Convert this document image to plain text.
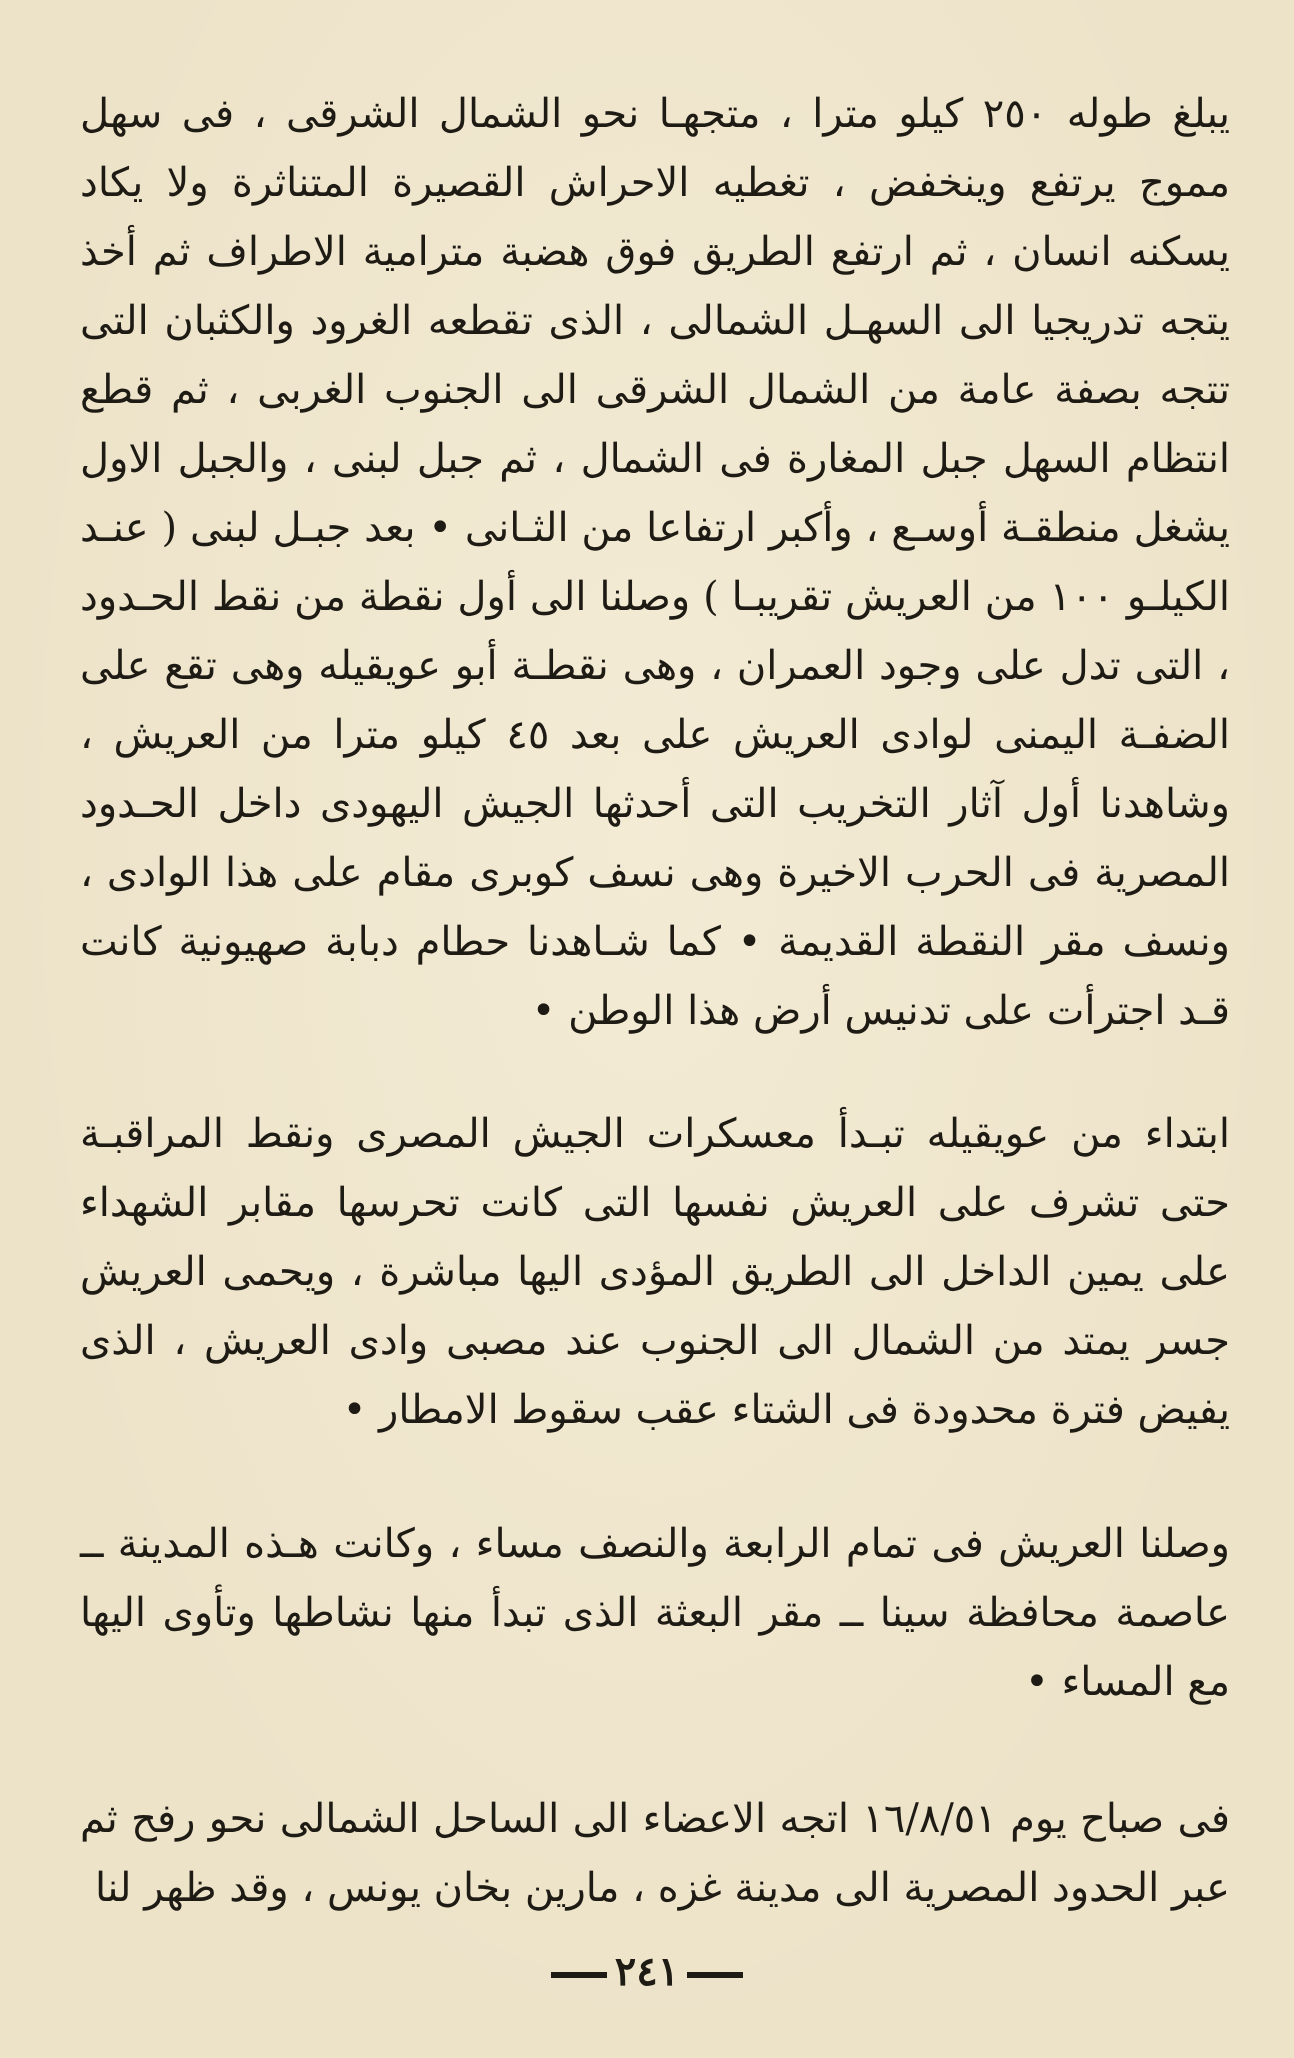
يبلغ طوله ٢٥٠ كيلو مترا ، متجهـا نحو الشمال الشرقى ، فى سهل مموج يرتفع وينخفض ، تغطيه الاحراش القصيرة المتناثرة ولا يكاد يسكنه انسان ، ثم ارتفع الطريق فوق هضبة مترامية الاطراف ثم أخذ يتجه تدريجيا الى السهـل الشمالى ، الذى تقطعه الغرود والكثبان التى تتجه بصفة عامة من الشمال الشرقى الى الجنوب الغربى ، ثم قطع انتظام السهل جبل المغارة فى الشمال ، ثم جبل لبنى ، والجبل الاول يشغل منطقـة أوسـع ، وأكبر ارتفاعا من الثـانى • بعد جبـل لبنى ( عنـد الكيلـو ١٠٠ من العريش تقريبـا ) وصلنا الى أول نقطة من نقط الحـدود ، التى تدل على وجود العمران ، وهى نقطـة أبو عويقيله وهى تقع على الضفـة اليمنى لوادى العريش على بعد ٤٥ كيلو مترا من العريش ، وشاهدنا أول آثار التخريب التى أحدثها الجيش اليهودى داخل الحـدود المصرية فى الحرب الاخيرة وهى نسف كوبرى مقام على هذا الوادى ، ونسف مقر النقطة القديمة • كما شـاهدنا حطام دبابة صهيونية كانت قـد اجترأت على تدنيس أرض هذا الوطن •

ابتداء من عويقيله تبـدأ معسكرات الجيش المصرى ونقط المراقبـة حتى تشرف على العريش نفسها التى كانت تحرسها مقابر الشهداء على يمين الداخل الى الطريق المؤدى اليها مباشرة ، ويحمى العريش جسر يمتد من الشمال الى الجنوب عند مصبى وادى العريش ، الذى يفيض فترة محدودة فى الشتاء عقب سقوط الامطار •

وصلنا العريش فى تمام الرابعة والنصف مساء ، وكانت هـذه المدينة ــ عاصمة محافظة سينا ــ مقر البعثة الذى تبدأ منها نشاطها وتأوى اليها مع المساء •

فى صباح يوم ١٦/٨/٥١ اتجه الاعضاء الى الساحل الشمالى نحو رفح ثم عبر الحدود المصرية الى مدينة غزه ، مارين بخان يونس ، وقد ظهر لنا

٢٤١
